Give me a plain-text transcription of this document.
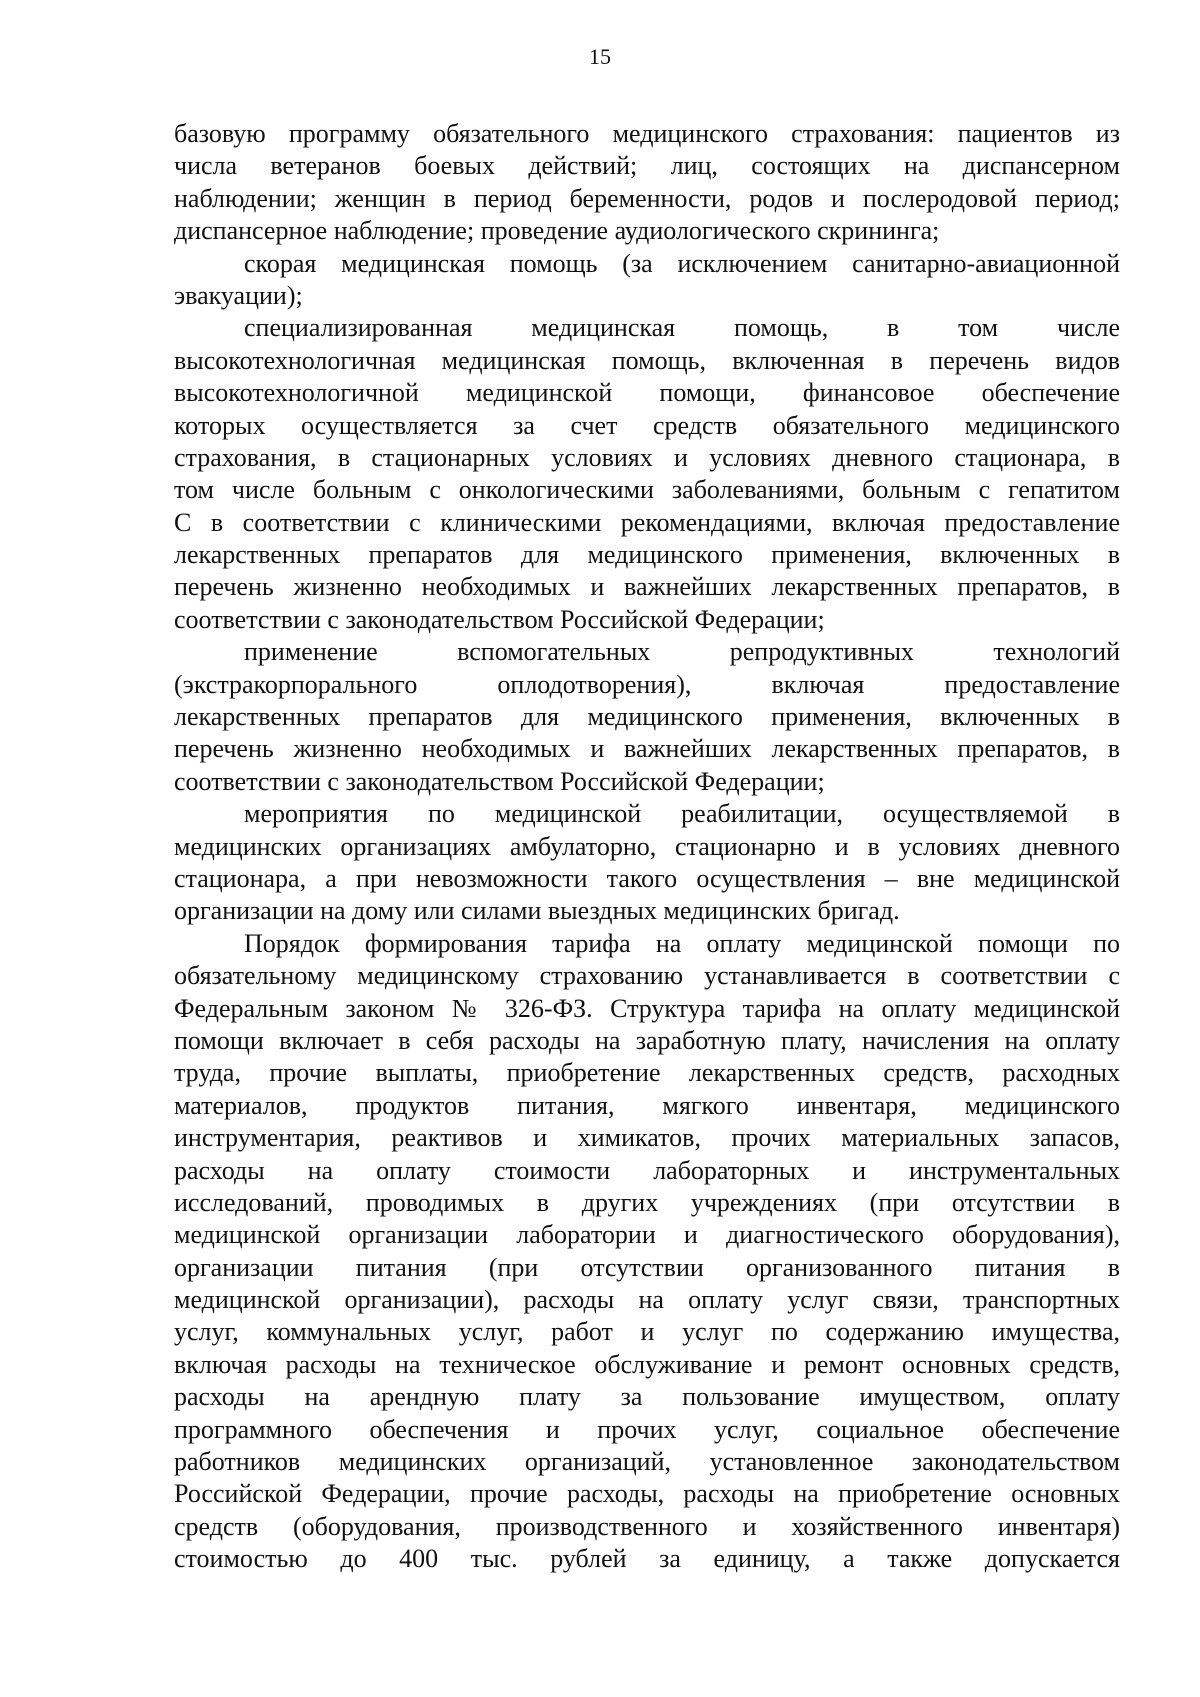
15
базовую программу обязательного медицинского страхования: пациентов из
числа ветеранов боевых действий; лиц, состоящих на диспансерном
наблюдении; женщин в период беременности, родов и послеродовой период;
диспансерное наблюдение; проведение аудиологического скрининга;
скорая медицинская помощь (за исключением санитарно-авиационной
эвакуации);
специализированная медицинская помощь, в том числе
высокотехнологичная медицинская помощь, включенная в перечень видов
высокотехнологичной медицинской помощи, финансовое обеспечение
которых осуществляется за счет средств обязательного медицинского
страхования, в стационарных условиях и условиях дневного стационара, в
том числе больным с онкологическими заболеваниями, больным с гепатитом
С в соответствии с клиническими рекомендациями, включая предоставление
лекарственных препаратов для медицинского применения, включенных в
перечень жизненно необходимых и важнейших лекарственных препаратов, в
соответствии с законодательством Российской Федерации;
применение вспомогательных репродуктивных технологий
(экстракорпорального оплодотворения), включая предоставление
лекарственных препаратов для медицинского применения, включенных в
перечень жизненно необходимых и важнейших лекарственных препаратов, в
соответствии с законодательством Российской Федерации;
мероприятия по медицинской реабилитации, осуществляемой в
медицинских организациях амбулаторно, стационарно и в условиях дневного
стационара, а при невозможности такого осуществления – вне медицинской
организации на дому или силами выездных медицинских бригад.
Порядок формирования тарифа на оплату медицинской помощи по
обязательному медицинскому страхованию устанавливается в соответствии с
Федеральным законом № 326-ФЗ. Структура тарифа на оплату медицинской
помощи включает в себя расходы на заработную плату, начисления на оплату
труда, прочие выплаты, приобретение лекарственных средств, расходных
материалов, продуктов питания, мягкого инвентаря, медицинского
инструментария, реактивов и химикатов, прочих материальных запасов,
расходы на оплату стоимости лабораторных и инструментальных
исследований, проводимых в других учреждениях (при отсутствии в
медицинской организации лаборатории и диагностического оборудования),
организации питания (при отсутствии организованного питания в
медицинской организации), расходы на оплату услуг связи, транспортных
услуг, коммунальных услуг, работ и услуг по содержанию имущества,
включая расходы на техническое обслуживание и ремонт основных средств,
расходы на арендную плату за пользование имуществом, оплату
программного обеспечения и прочих услуг, социальное обеспечение
работников медицинских организаций, установленное законодательством
Российской Федерации, прочие расходы, расходы на приобретение основных
средств (оборудования, производственного и хозяйственного инвентаря)
стоимостью до 400 тыс. рублей за единицу, а также допускается
